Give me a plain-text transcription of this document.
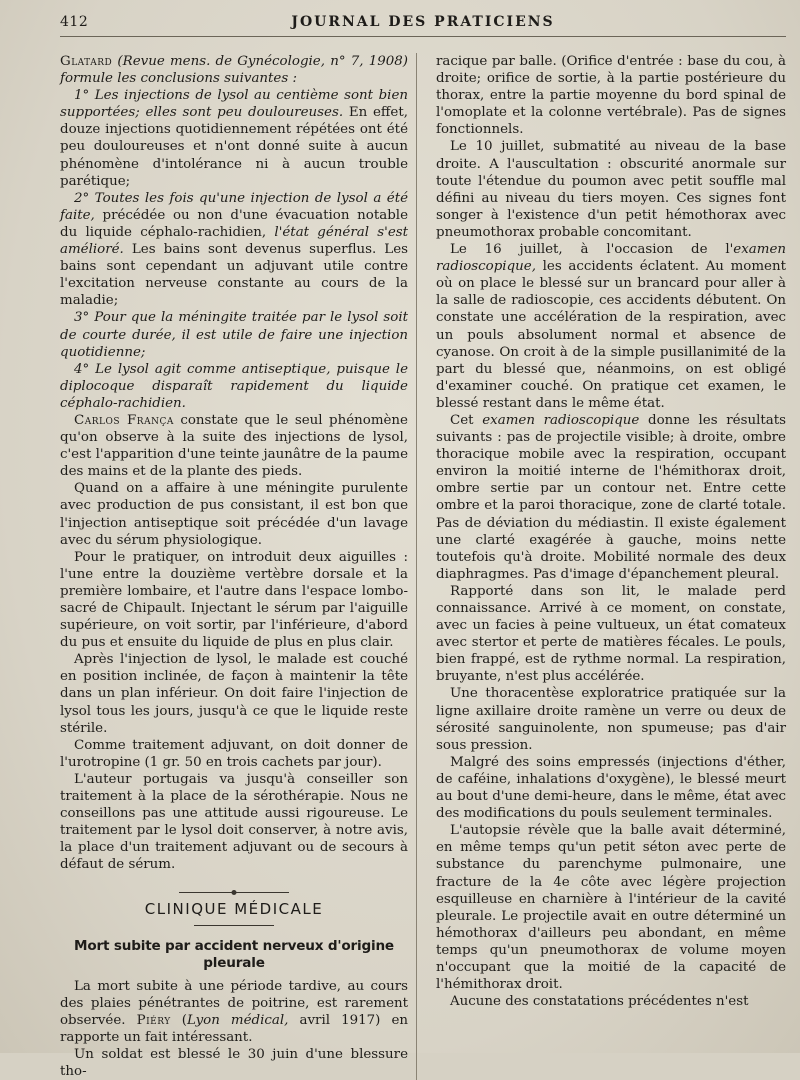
412	JOURNAL DES PRATICIENS

Glatard (Revue mens. de Gynécologie, n° 7, 1908) formule les conclusions suivantes :

1° Les injections de lysol au centième sont bien supportées; elles sont peu douloureuses. En effet, douze injections quotidiennement répétées ont été peu douloureuses et n'ont donné suite à aucun phénomène d'intolérance ni à aucun trouble parétique;

2° Toutes les fois qu'une injection de lysol a été faite, précédée ou non d'une évacuation notable du liquide céphalo-rachidien, l'état général s'est amélioré. Les bains sont devenus superflus. Les bains sont cependant un adjuvant utile contre l'excitation nerveuse constante au cours de la maladie;

3° Pour que la méningite traitée par le lysol soit de courte durée, il est utile de faire une injection quotidienne;

4° Le lysol agit comme antiseptique, puisque le diplocoque disparaît rapidement du liquide céphalo-rachidien.

Carlos França constate que le seul phénomène qu'on observe à la suite des injections de lysol, c'est l'apparition d'une teinte jaunâtre de la paume des mains et de la plante des pieds.

Quand on a affaire à une méningite purulente avec production de pus consistant, il est bon que l'injection antiseptique soit précédée d'un lavage avec du sérum physiologique.

Pour le pratiquer, on introduit deux aiguilles : l'une entre la douzième vertèbre dorsale et la première lombaire, et l'autre dans l'espace lombo-sacré de Chipault. Injectant le sérum par l'aiguille supérieure, on voit sortir, par l'inférieure, d'abord du pus et ensuite du liquide de plus en plus clair.

Après l'injection de lysol, le malade est couché en position inclinée, de façon à maintenir la tête dans un plan inférieur. On doit faire l'injection de lysol tous les jours, jusqu'à ce que le liquide reste stérile.

Comme traitement adjuvant, on doit donner de l'urotropine (1 gr. 50 en trois cachets par jour).

L'auteur portugais va jusqu'à conseiller son traitement à la place de la sérothérapie. Nous ne conseillons pas une attitude aussi rigoureuse. Le traitement par le lysol doit conserver, à notre avis, la place d'un traitement adjuvant ou de secours à défaut de sérum.

CLINIQUE MÉDICALE
Mort subite par accident nerveux d'origine pleurale

La mort subite à une période tardive, au cours des plaies pénétrantes de poitrine, est rarement observée. Piéry (Lyon médical, avril 1917) en rapporte un fait intéressant.

Un soldat est blessé le 30 juin d'une blessure tho-

racique par balle. (Orifice d'entrée : base du cou, à droite; orifice de sortie, à la partie postérieure du thorax, entre la partie moyenne du bord spinal de l'omoplate et la colonne vertébrale). Pas de signes fonctionnels.

Le 10 juillet, submatité au niveau de la base droite. A l'auscultation : obscurité anormale sur toute l'étendue du poumon avec petit souffle mal défini au niveau du tiers moyen. Ces signes font songer à l'existence d'un petit hémothorax avec pneumothorax probable concomitant.

Le 16 juillet, à l'occasion de l'examen radioscopique, les accidents éclatent. Au moment où on place le blessé sur un brancard pour aller à la salle de radioscopie, ces accidents débutent. On constate une accélération de la respiration, avec un pouls absolument normal et absence de cyanose. On croit à de la simple pusillanimité de la part du blessé que, néanmoins, on est obligé d'examiner couché. On pratique cet examen, le blessé restant dans le même état.

Cet examen radioscopique donne les résultats suivants : pas de projectile visible; à droite, ombre thoracique mobile avec la respiration, occupant environ la moitié interne de l'hémithorax droit, ombre sertie par un contour net. Entre cette ombre et la paroi thoracique, zone de clarté totale. Pas de déviation du médiastin. Il existe également une clarté exagérée à gauche, moins nette toutefois qu'à droite. Mobilité normale des deux diaphragmes. Pas d'image d'épanchement pleural.

Rapporté dans son lit, le malade perd connaissance. Arrivé à ce moment, on constate, avec un facies à peine vultueux, un état comateux avec stertor et perte de matières fécales. Le pouls, bien frappé, est de rythme normal. La respiration, bruyante, n'est plus accélérée.

Une thoracentèse exploratrice pratiquée sur la ligne axillaire droite ramène un verre ou deux de sérosité sanguinolente, non spumeuse; pas d'air sous pression.

Malgré des soins empressés (injections d'éther, de caféine, inhalations d'oxygène), le blessé meurt au bout d'une demi-heure, dans le même, état avec des modifications du pouls seulement terminales.

L'autopsie révèle que la balle avait déterminé, en même temps qu'un petit séton avec perte de substance du parenchyme pulmonaire, une fracture de la 4e côte avec légère projection esquilleuse en charnière à l'intérieur de la cavité pleurale. Le projectile avait en outre déterminé un hémothorax d'ailleurs peu abondant, en même temps qu'un pneumothorax de volume moyen n'occupant que la moitié de la capacité de l'hémithorax droit.

Aucune des constatations précédentes n'est
